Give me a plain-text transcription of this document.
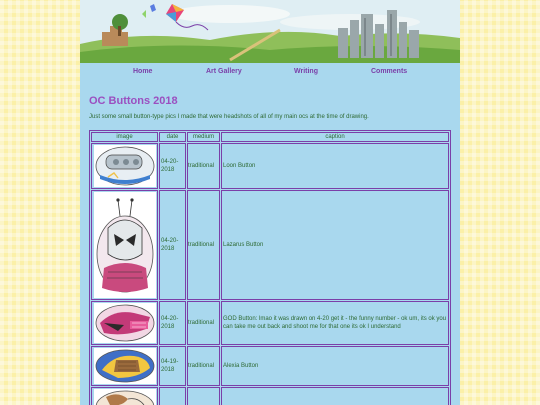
Home	Art Gallery	Writing	Comments
OC Buttons 2018

Just some small button-type pics I made that were headshots of all of my main ocs at the time of drawing.

image	date	medium	caption

	04-20-2018	traditional	Loon Button

	04-20-2018	traditional	Lazarus Button

	04-20-2018	traditional	GOD Button: lmao it was drawn on 4-20 get it - the funny number - ok um, its ok you can take me out back and shoot me for that one its ok I understand

	04-19-2018	traditional	Alexia Button
